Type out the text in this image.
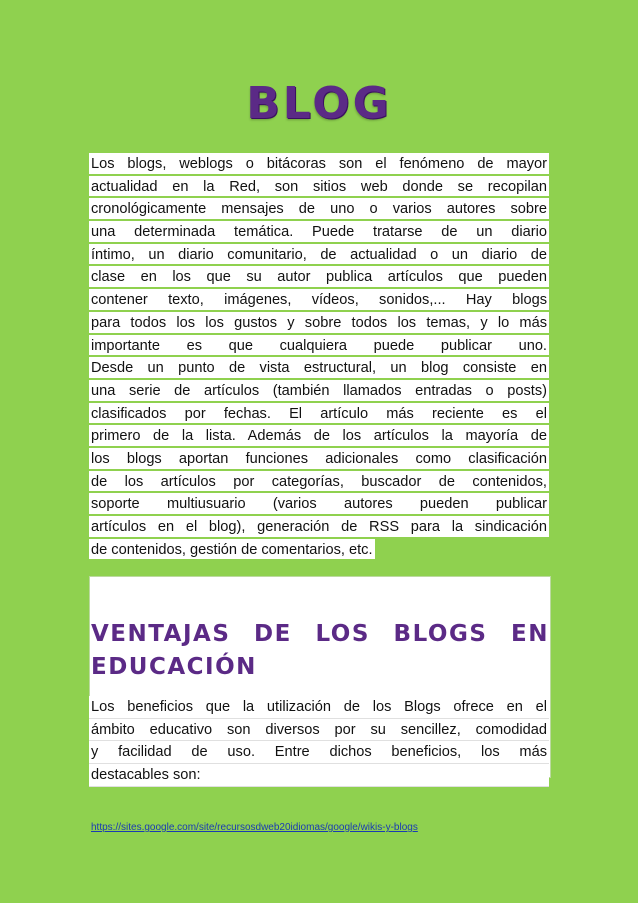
BLOG
Los blogs, weblogs o bitácoras son el fenómeno de mayor
actualidad en la Red, son sitios web donde se recopilan
cronológicamente mensajes de uno o varios autores sobre
una determinada temática. Puede tratarse de un diario
íntimo, un diario comunitario, de actualidad o un diario de
clase en los que su autor publica artículos que pueden
contener texto, imágenes, vídeos, sonidos,... Hay blogs
para todos los los gustos y sobre todos los temas, y lo más
importante es que cualquiera puede publicar uno.
Desde un punto de vista estructural, un blog consiste en
una serie de artículos (también llamados entradas o posts)
clasificados por fechas. El artículo más reciente es el
primero de la lista. Además de los artículos la mayoría de
los blogs aportan funciones adicionales como clasificación
de los artículos por categorías, buscador de contenidos,
soporte multiusuario (varios autores pueden publicar
artículos en el blog), generación de RSS para la sindicación
de contenidos, gestión de comentarios, etc.
VENTAJAS DE LOS BLOGS EN
EDUCACIÓN
Los beneficios que la utilización de los Blogs ofrece en el
ámbito educativo son diversos por su sencillez, comodidad
y facilidad de uso. Entre dichos beneficios, los más
destacables son:
https://sites.google.com/site/recursosdweb20idiomas/google/wikis-y-blogs
